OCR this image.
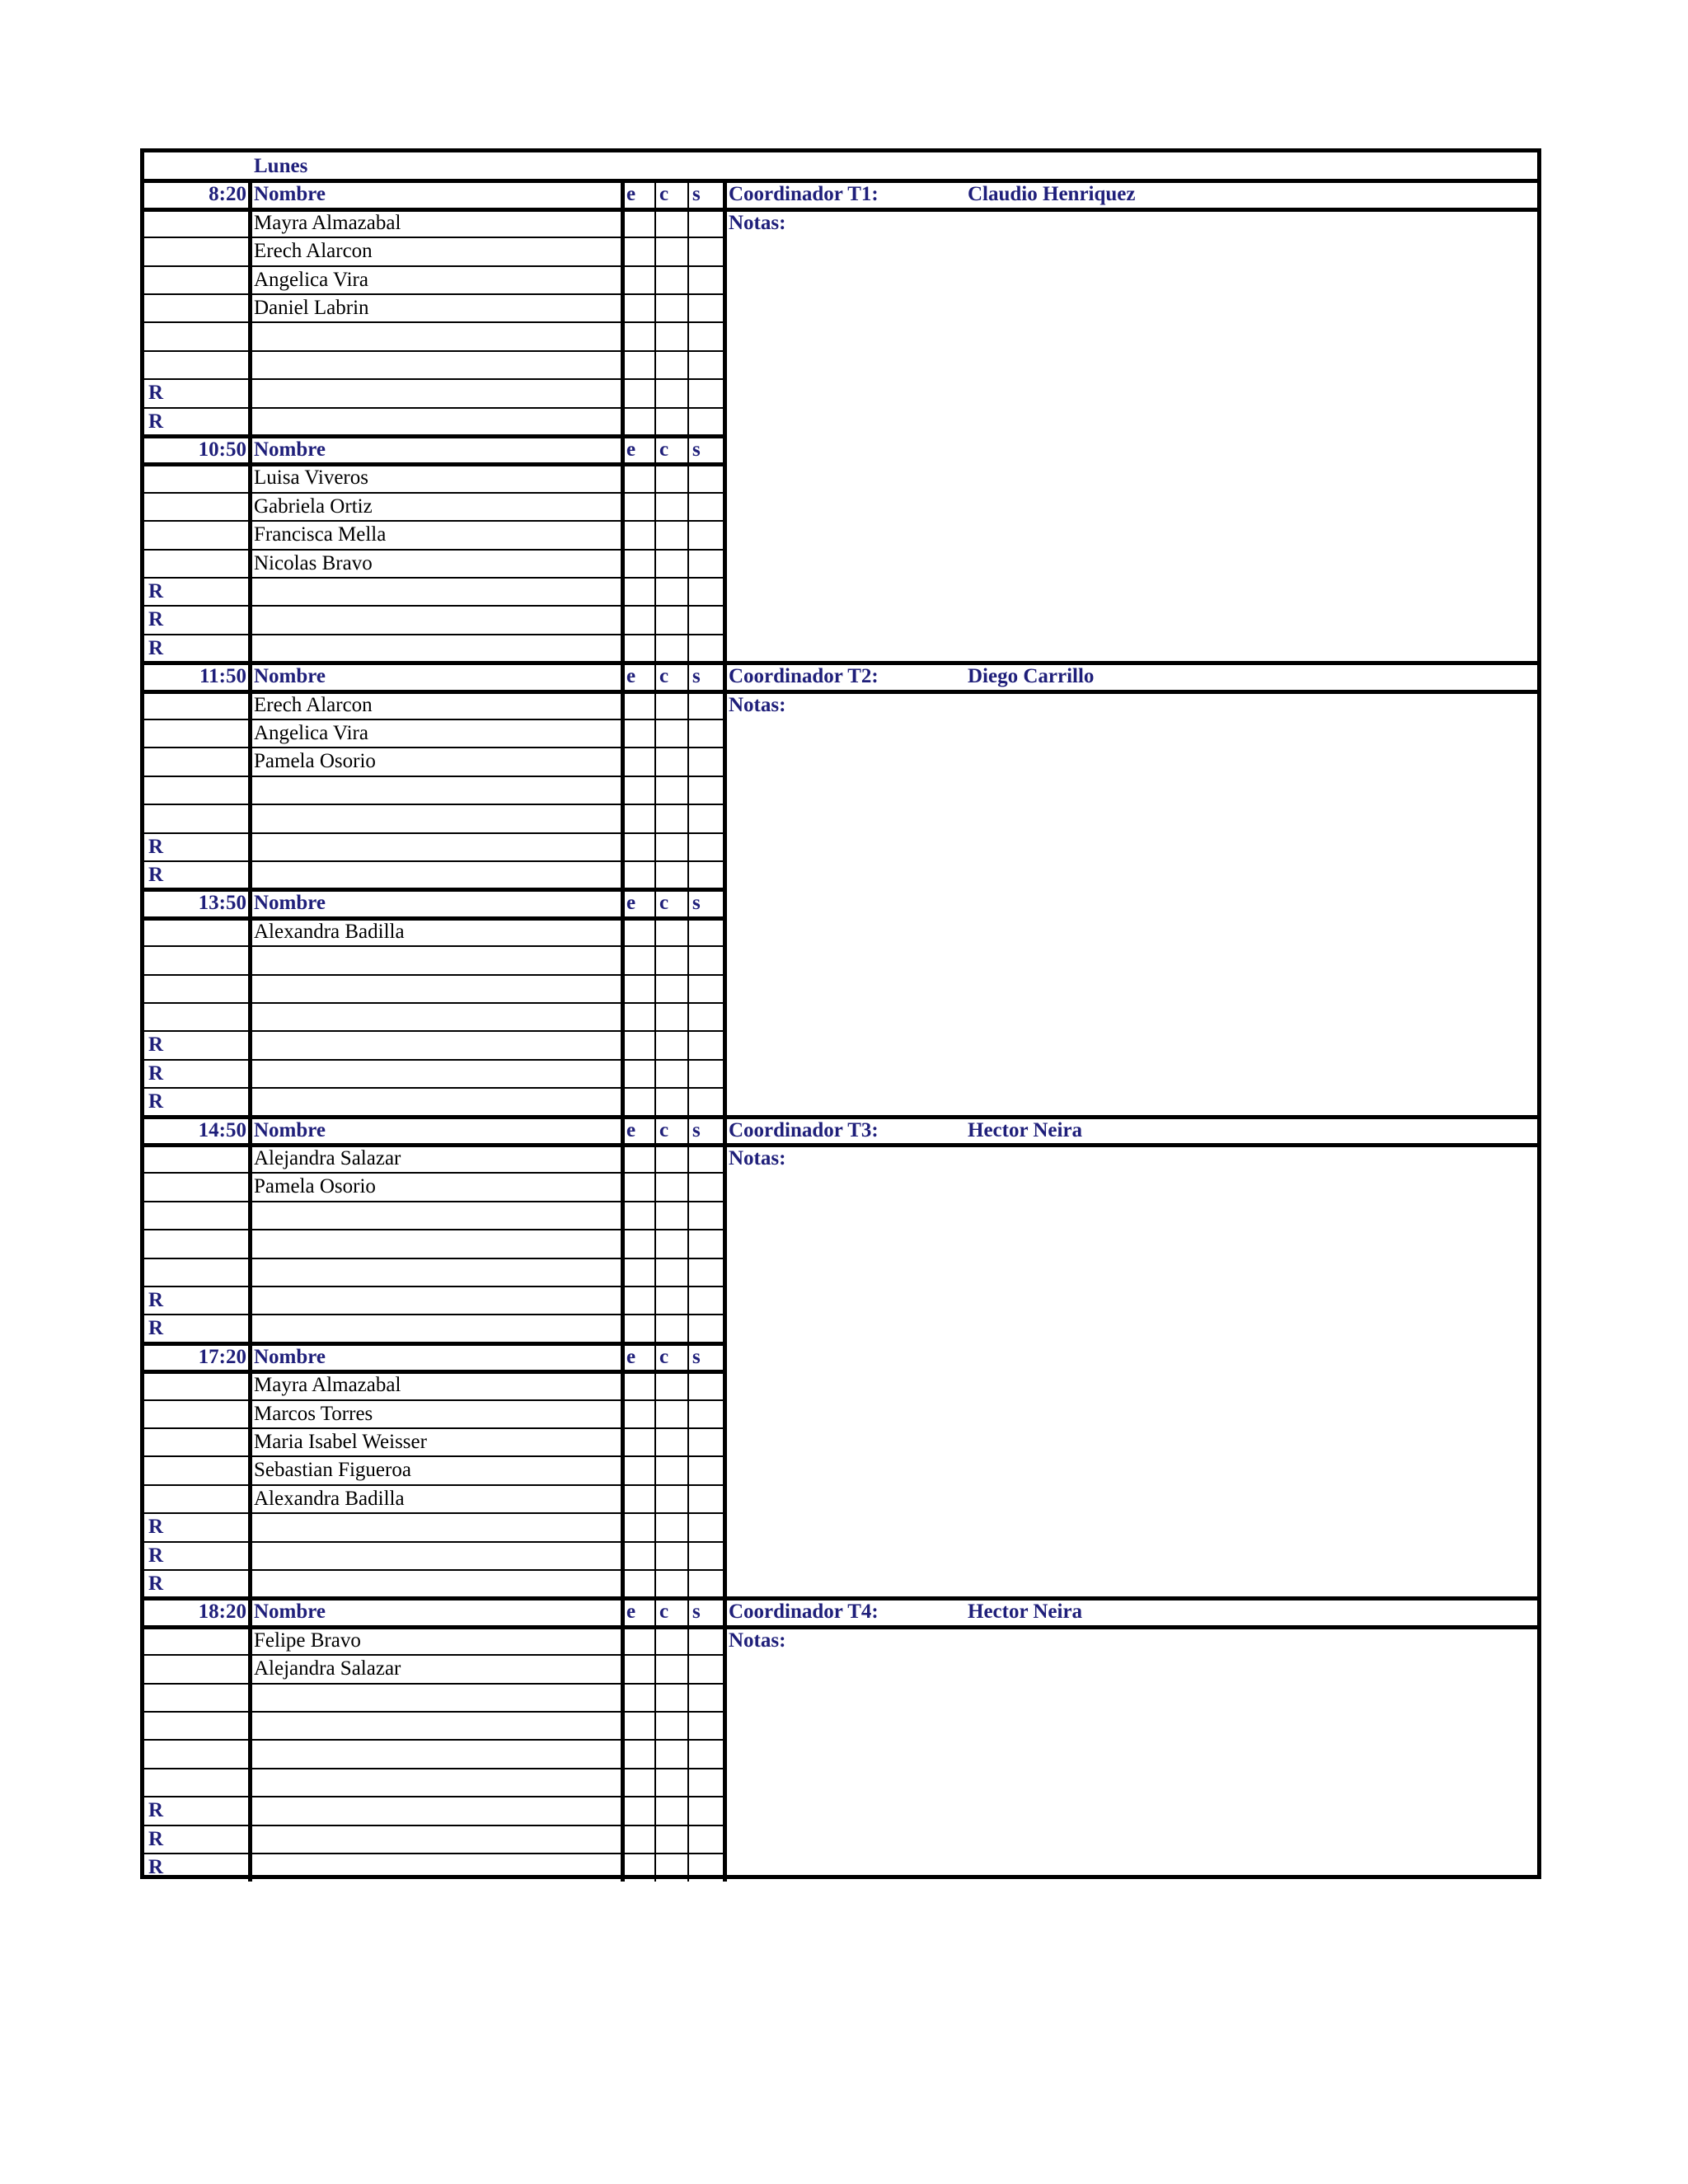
Lunes
8:20 Nombre	e	c	s	Coordinador T1:	Claudio Henriquez
Notas:
Mayra Almazabal
Erech Alarcon
Angelica Vira
Daniel Labrin
R
R
10:50 Nombre	e	c	s
Luisa Viveros
Gabriela Ortiz
Francisca Mella
Nicolas Bravo
R
R
R
11:50 Nombre	e	c	s	Coordinador T2:	Diego Carrillo
Notas:
Erech Alarcon
Angelica Vira
Pamela Osorio
R
R
13:50 Nombre	e	c	s
Alexandra Badilla
R
R
R
14:50 Nombre	e	c	s	Coordinador T3:	Hector Neira
Notas:
Alejandra Salazar
Pamela Osorio
R
R
17:20 Nombre	e	c	s
Mayra Almazabal
Marcos Torres
Maria Isabel Weisser
Sebastian Figueroa
Alexandra Badilla
R
R
R
18:20 Nombre	e	c	s	Coordinador T4:	Hector Neira
Notas:
Felipe Bravo
Alejandra Salazar
R
R
R
